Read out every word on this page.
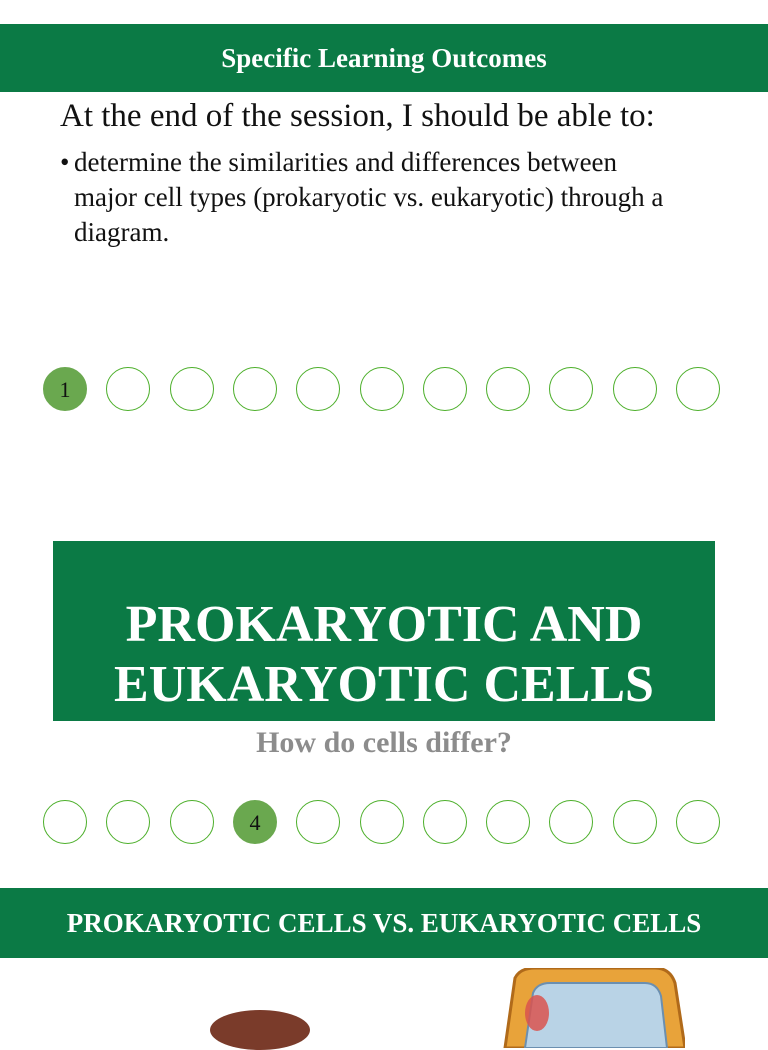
Specific Learning Outcomes

At the end of the session, I should be able to:

• determine the similarities and differences between major cell types (prokaryotic vs. eukaryotic) through a diagram.
1
PROKARYOTIC AND
EUKARYOTIC CELLS
How do cells differ?
4
PROKARYOTIC CELLS VS. EUKARYOTIC CELLS
